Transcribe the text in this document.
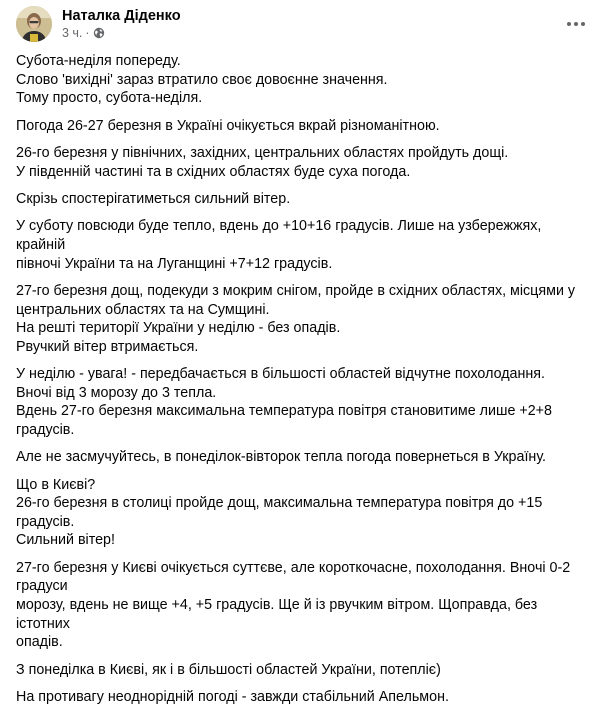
Наталка Діденко
3 ч. ·

Субота-неділя попереду.
Слово 'вихідні' зараз втратило своє довоєнне значення.
Тому просто, субота-неділя.

Погода 26-27 березня в Україні очікується вкрай різноманітною.

26-го березня у північних, західних, центральних областях пройдуть дощі.
У південній частині та в східних областях буде суха погода.

Скрізь спостерігатиметься сильний вітер.

У суботу повсюди буде тепло, вдень до +10+16 градусів. Лише на узбережжях, крайній
півночі України та на Луганщині +7+12 градусів.

27-го березня дощ, подекуди з мокрим снігом, пройде в східних областях, місцями у
центральних областях та на Сумщині.
На решті території України у неділю - без опадів.
Рвучкий вітер втримається.

У неділю - увага! - передбачається в більшості областей відчутне похолодання.
Вночі від 3 морозу до 3 тепла.
Вдень 27-го березня максимальна температура повітря становитиме лише +2+8 градусів.

Але не засмучуйтесь, в понеділок-вівторок тепла погода повернеться в Україну.

Що в Києві?
26-го березня в столиці пройде дощ, максимальна температура повітря до +15 градусів.
Сильний вітер!

27-го березня у Києві очікується суттєве, але короткочасне, похолодання. Вночі 0-2 градуси
морозу, вдень не вище +4, +5 градусів. Ще й із рвучким вітром. Щоправда, без істотних
опадів.

З понеділка в Києві, як і в більшості областей України, потеплі᠎є)

На противагу неоднорідній погоді - завжди стабільний Апельмон.
